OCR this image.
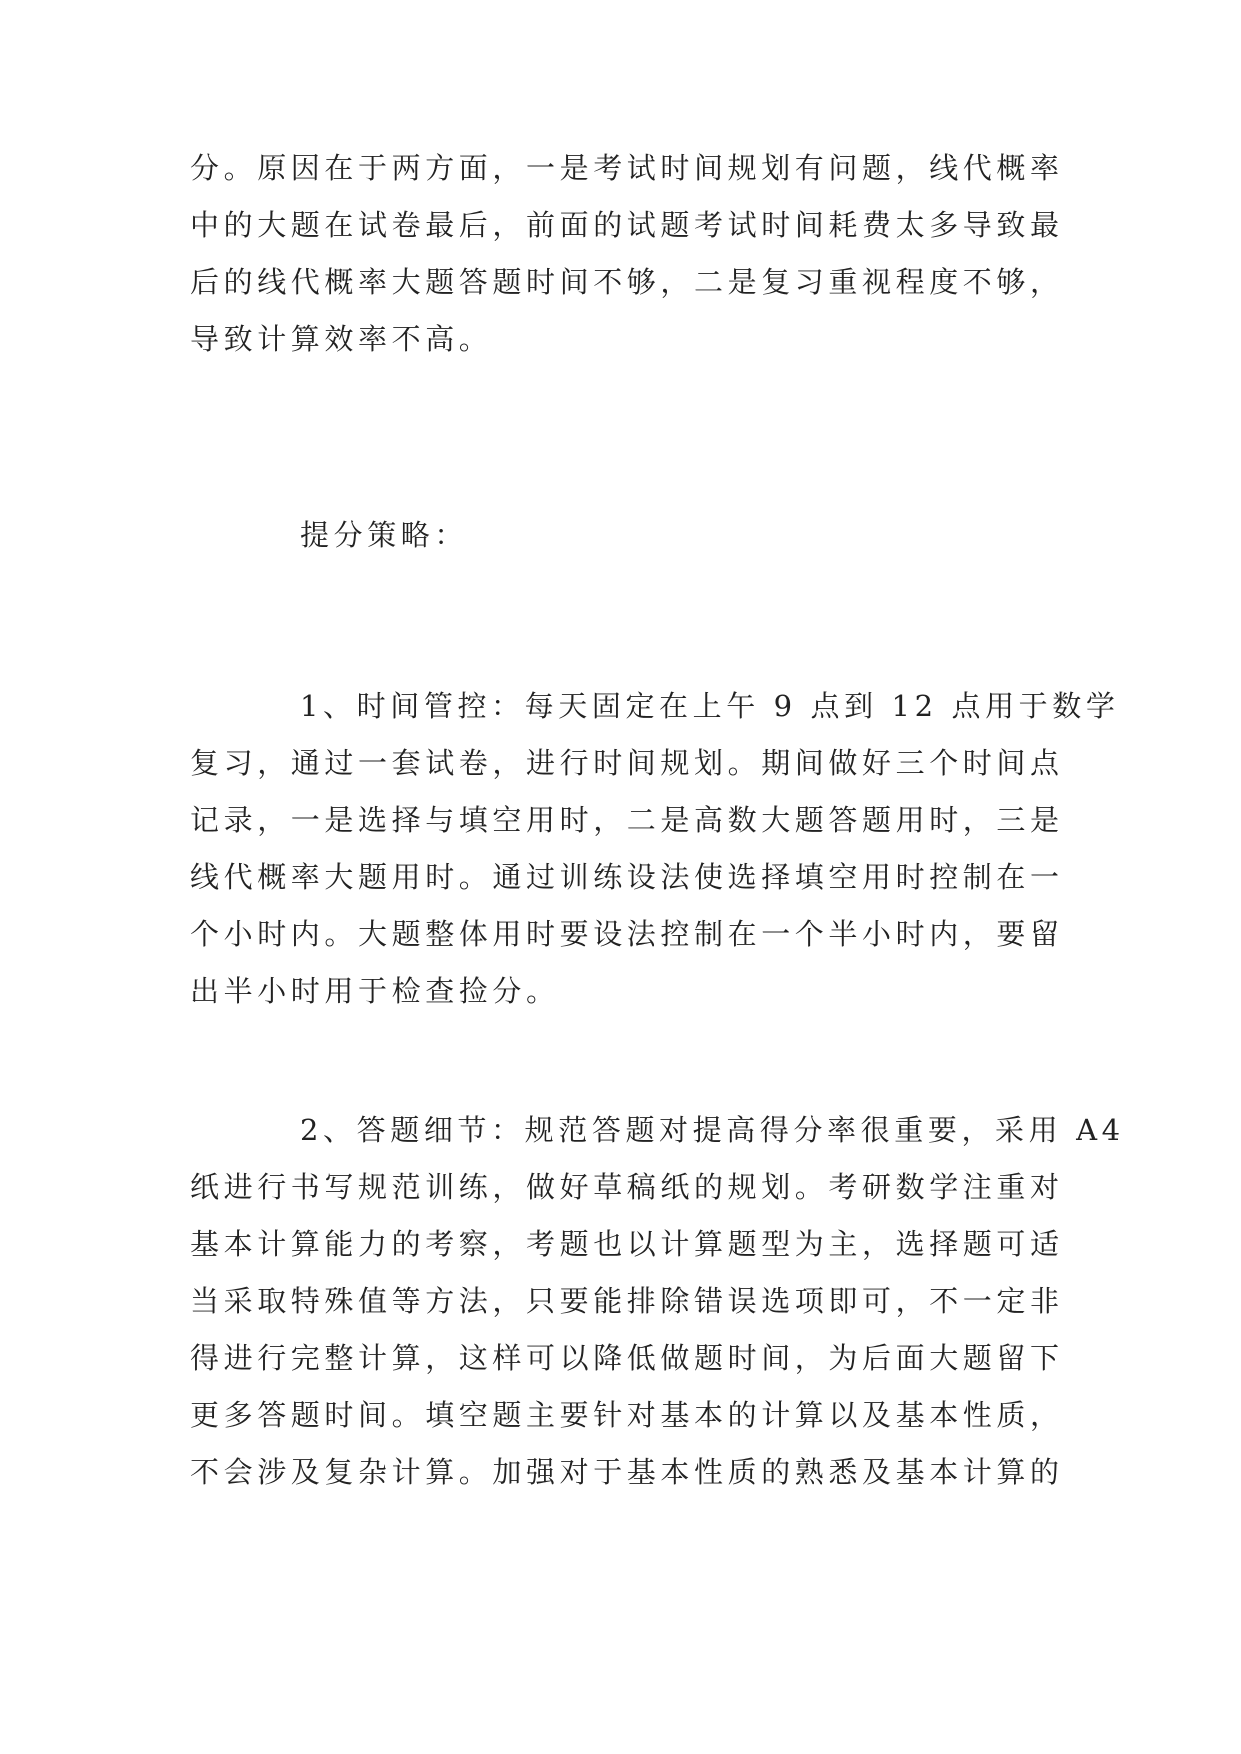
分。原因在于两方面，一是考试时间规划有问题，线代概率
中的大题在试卷最后，前面的试题考试时间耗费太多导致最
后的线代概率大题答题时间不够，二是复习重视程度不够，
导致计算效率不高。
提分策略：
1、时间管控：每天固定在上午 9 点到 12 点用于数学
复习，通过一套试卷，进行时间规划。期间做好三个时间点
记录，一是选择与填空用时，二是高数大题答题用时，三是
线代概率大题用时。通过训练设法使选择填空用时控制在一
个小时内。大题整体用时要设法控制在一个半小时内，要留
出半小时用于检查捡分。
2、答题细节：规范答题对提高得分率很重要，采用 A4
纸进行书写规范训练，做好草稿纸的规划。考研数学注重对
基本计算能力的考察，考题也以计算题型为主，选择题可适
当采取特殊值等方法，只要能排除错误选项即可，不一定非
得进行完整计算，这样可以降低做题时间，为后面大题留下
更多答题时间。填空题主要针对基本的计算以及基本性质，
不会涉及复杂计算。加强对于基本性质的熟悉及基本计算的
